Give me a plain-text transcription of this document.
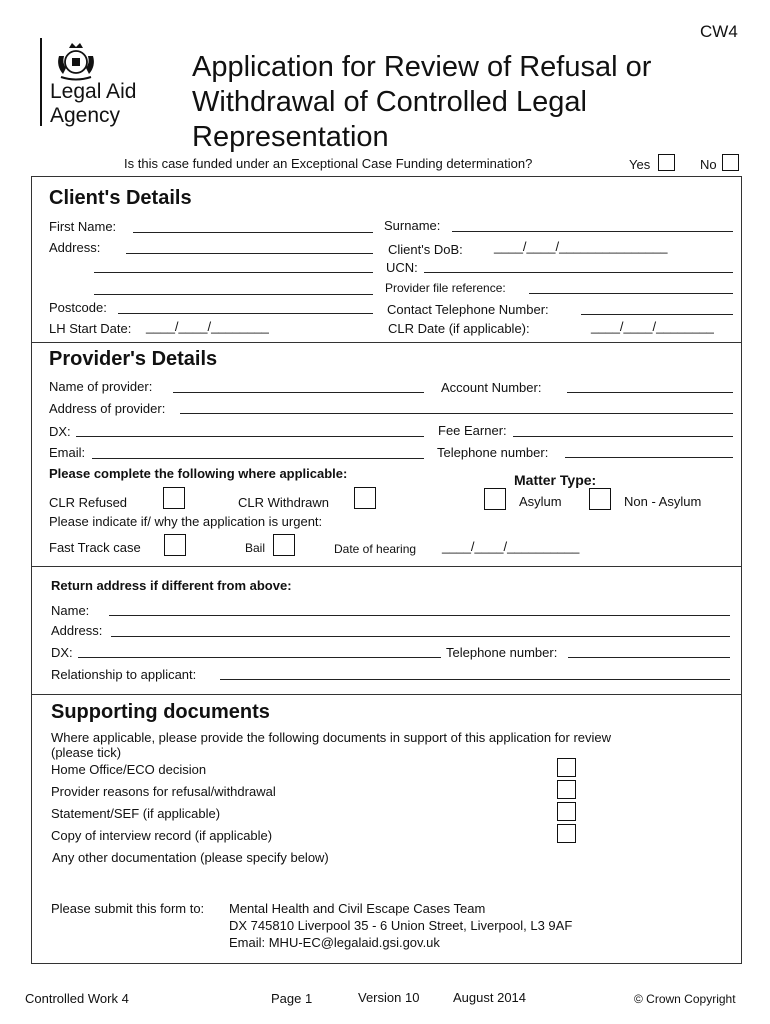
CW4
Legal Aid
Agency
Application for Review of Refusal or
Withdrawal of Controlled Legal
Representation
Is this case funded under an Exceptional Case Funding determination?	Yes	No
Client's Details
First Name:	Surname:
Address:	Client's DoB: ____/____/_______________
UCN:
Provider file reference:
Postcode:	Contact Telephone Number:
LH Start Date: ____/____/________	CLR Date (if applicable):	____/____/________
Provider's Details
Name of provider:	Account Number:
Address of provider:
DX:	Fee Earner:
Email:	Telephone number:
Please complete the following where applicable:	Matter Type:
CLR Refused	CLR Withdrawn	Asylum	Non - Asylum
Please indicate if/ why the application is urgent:
Fast Track case	Bail	Date of hearing ____/____/__________
Return address if different from above:
Name:
Address:
DX:	Telephone number:
Relationship to applicant:
Supporting documents
Where applicable, please provide the following documents in support of this application for review
(please tick)
Home Office/ECO decision
Provider reasons for refusal/withdrawal
Statement/SEF (if applicable)
Copy of interview record (if applicable)
Any other documentation (please specify below)
Please submit this form to: Mental Health and Civil Escape Cases Team
DX 745810 Liverpool 35 - 6 Union Street, Liverpool, L3 9AF
Email: MHU-EC@legalaid.gsi.gov.uk
Controlled Work 4	Page 1	Version 10	August 2014	© Crown Copyright
